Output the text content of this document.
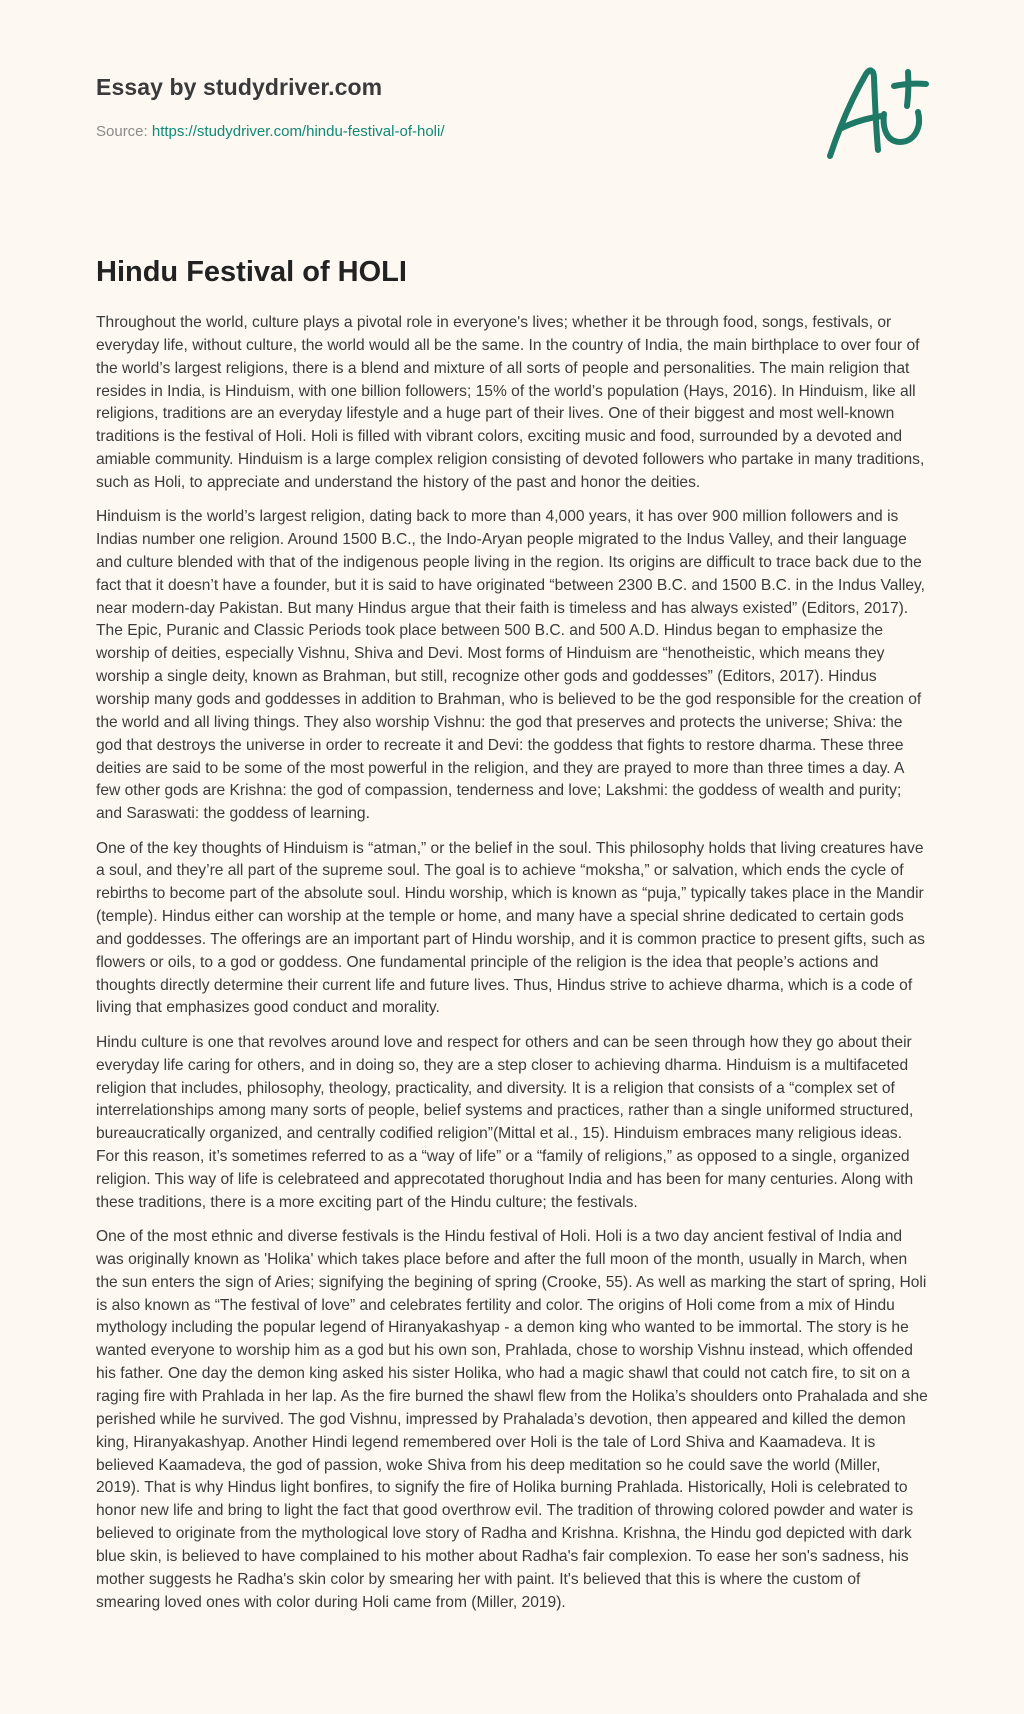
Essay by studydriver.com
Source: https://studydriver.com/hindu-festival-of-holi/
Hindu Festival of HOLI

Throughout the world, culture plays a pivotal role in everyone's lives; whether it be through food, songs, festivals, or everyday life, without culture, the world would all be the same. In the country of India, the main birthplace to over four of the world’s largest religions, there is a blend and mixture of all sorts of people and personalities. The main religion that resides in India, is Hinduism, with one billion followers; 15% of the world’s population (Hays, 2016). In Hinduism, like all religions, traditions are an everyday lifestyle and a huge part of their lives. One of their biggest and most well-known traditions is the festival of Holi. Holi is filled with vibrant colors, exciting music and food, surrounded by a devoted and amiable community. Hinduism is a large complex religion consisting of devoted followers who partake in many traditions, such as Holi, to appreciate and understand the history of the past and honor the deities.

Hinduism is the world’s largest religion, dating back to more than 4,000 years, it has over 900 million followers and is Indias number one religion. Around 1500 B.C., the Indo-Aryan people migrated to the Indus Valley, and their language and culture blended with that of the indigenous people living in the region. Its origins are difficult to trace back due to the fact that it doesn’t have a founder, but it is said to have originated “between 2300 B.C. and 1500 B.C. in the Indus Valley, near modern-day Pakistan. But many Hindus argue that their faith is timeless and has always existed” (Editors, 2017). The Epic, Puranic and Classic Periods took place between 500 B.C. and 500 A.D. Hindus began to emphasize the worship of deities, especially Vishnu, Shiva and Devi. Most forms of Hinduism are “henotheistic, which means they worship a single deity, known as Brahman, but still, recognize other gods and goddesses” (Editors, 2017). Hindus worship many gods and goddesses in addition to Brahman, who is believed to be the god responsible for the creation of the world and all living things. They also worship Vishnu: the god that preserves and protects the universe; Shiva: the god that destroys the universe in order to recreate it and Devi: the goddess that fights to restore dharma. These three deities are said to be some of the most powerful in the religion, and they are prayed to more than three times a day. A few other gods are Krishna: the god of compassion, tenderness and love; Lakshmi: the goddess of wealth and purity; and Saraswati: the goddess of learning.

One of the key thoughts of Hinduism is “atman,” or the belief in the soul. This philosophy holds that living creatures have a soul, and they’re all part of the supreme soul. The goal is to achieve “moksha,” or salvation, which ends the cycle of rebirths to become part of the absolute soul. Hindu worship, which is known as “puja,” typically takes place in the Mandir (temple). Hindus either can worship at the temple or home, and many have a special shrine dedicated to certain gods and goddesses. The offerings are an important part of Hindu worship, and it is common practice to present gifts, such as flowers or oils, to a god or goddess. One fundamental principle of the religion is the idea that people’s actions and thoughts directly determine their current life and future lives. Thus, Hindus strive to achieve dharma, which is a code of living that emphasizes good conduct and morality.

Hindu culture is one that revolves around love and respect for others and can be seen through how they go about their everyday life caring for others, and in doing so, they are a step closer to achieving dharma. Hinduism is a multifaceted religion that includes, philosophy, theology, practicality, and diversity. It is a religion that consists of a “complex set of interrelationships among many sorts of people, belief systems and practices, rather than a single uniformed structured, bureaucratically organized, and centrally codified religion”(Mittal et al., 15). Hinduism embraces many religious ideas. For this reason, it’s sometimes referred to as a “way of life” or a “family of religions,” as opposed to a single, organized religion. This way of life is celebrateed and apprecotated thorughout India and has been for many centuries. Along with these traditions, there is a more exciting part of the Hindu culture; the festivals.

One of the most ethnic and diverse festivals is the Hindu festival of Holi. Holi is a two day ancient festival of India and was originally known as 'Holika' which takes place before and after the full moon of the month, usually in March, when the sun enters the sign of Aries; signifying the begining of spring (Crooke, 55). As well as marking the start of spring, Holi is also known as “The festival of love” and celebrates fertility and color. The origins of Holi come from a mix of Hindu mythology including the popular legend of Hiranyakashyap - a demon king who wanted to be immortal. The story is he wanted everyone to worship him as a god but his own son, Prahlada, chose to worship Vishnu instead, which offended his father. One day the demon king asked his sister Holika, who had a magic shawl that could not catch fire, to sit on a raging fire with Prahlada in her lap. As the fire burned the shawl flew from the Holika’s shoulders onto Prahalada and she perished while he survived. The god Vishnu, impressed by Prahalada’s devotion, then appeared and killed the demon king, Hiranyakashyap. Another Hindi legend remembered over Holi is the tale of Lord Shiva and Kaamadeva. It is believed Kaamadeva, the god of passion, woke Shiva from his deep meditation so he could save the world (Miller, 2019). That is why Hindus light bonfires, to signify the fire of Holika burning Prahlada. Historically, Holi is celebrated to honor new life and bring to light the fact that good overthrow evil. The tradition of throwing colored powder and water is believed to originate from the mythological love story of Radha and Krishna. Krishna, the Hindu god depicted with dark blue skin, is believed to have complained to his mother about Radha's fair complexion. To ease her son's sadness, his mother suggests he Radha's skin color by smearing her with paint. It's believed that this is where the custom of smearing loved ones with color during Holi came from (Miller, 2019).
